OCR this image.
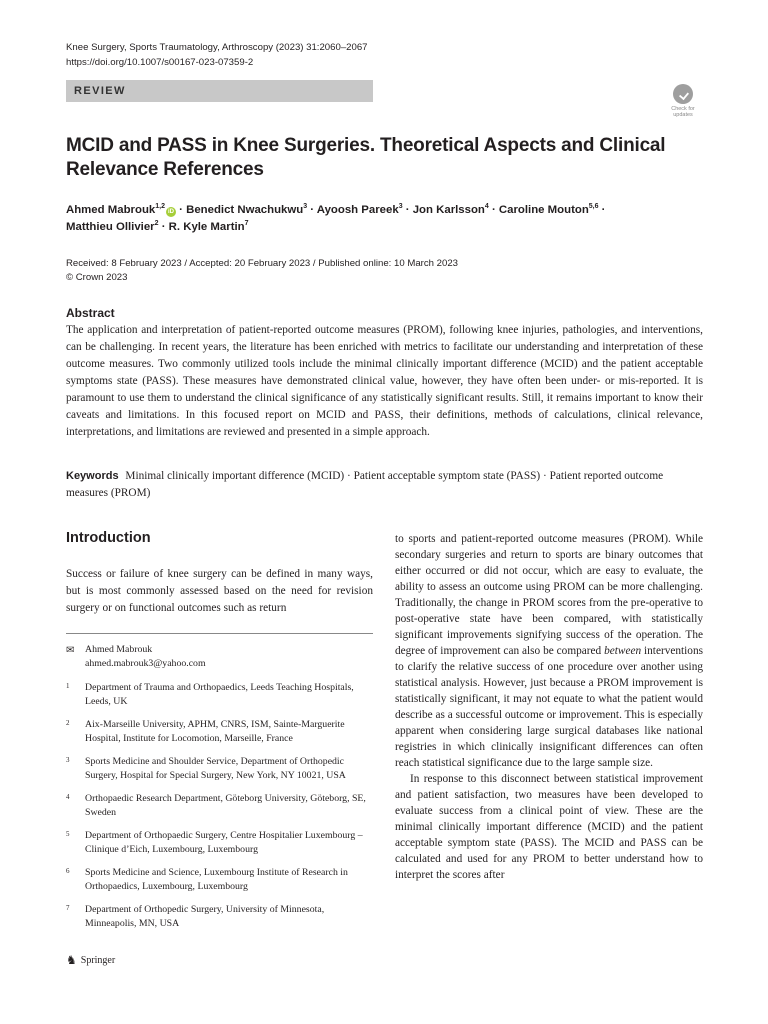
Knee Surgery, Sports Traumatology, Arthroscopy (2023) 31:2060–2067
https://doi.org/10.1007/s00167-023-07359-2
REVIEW
Check for updates
MCID and PASS in Knee Surgeries. Theoretical Aspects and Clinical Relevance References
Ahmed Mabrouk$^{1,2}$iD · Benedict Nwachukwu$^3$ · Ayoosh Pareek$^3$ · Jon Karlsson$^4$ · Caroline Mouton$^{5,6}$ ·
Matthieu Ollivier$^2$ · R. Kyle Martin$^7$
Received: 8 February 2023 / Accepted: 20 February 2023 / Published online: 10 March 2023
© Crown 2023
Abstract
The application and interpretation of patient-reported outcome measures (PROM), following knee injuries, pathologies, and interventions, can be challenging. In recent years, the literature has been enriched with metrics to facilitate our understanding and interpretation of these outcome measures. Two commonly utilized tools include the minimal clinically important difference (MCID) and the patient acceptable symptoms state (PASS). These measures have demonstrated clinical value, however, they have often been under- or mis-reported. It is paramount to use them to understand the clinical significance of any statistically significant results. Still, it remains important to know their caveats and limitations. In this focused report on MCID and PASS, their definitions, methods of calculations, clinical relevance, interpretations, and limitations are reviewed and presented in a simple approach.
Keywords Minimal clinically important difference (MCID) · Patient acceptable symptom state (PASS) · Patient reported outcome measures (PROM)
Introduction
Success or failure of knee surgery can be defined in many ways, but is most commonly assessed based on the need for revision surgery or on functional outcomes such as return
✉ Ahmed Mabrouk
ahmed.mabrouk3@yahoo.com
1	Department of Trauma and Orthopaedics, Leeds Teaching Hospitals, Leeds, UK
2	Aix-Marseille University, APHM, CNRS, ISM, Sainte-Marguerite Hospital, Institute for Locomotion, Marseille, France
3	Sports Medicine and Shoulder Service, Department of Orthopedic Surgery, Hospital for Special Surgery, New York, NY 10021, USA
4	Orthopaedic Research Department, Göteborg University, Göteborg, SE, Sweden
5	Department of Orthopaedic Surgery, Centre Hospitalier Luxembourg – Clinique d’Eich, Luxembourg, Luxembourg
6	Sports Medicine and Science, Luxembourg Institute of Research in Orthopaedics, Luxembourg, Luxembourg
7	Department of Orthopedic Surgery, University of Minnesota, Minneapolis, MN, USA

to sports and patient-reported outcome measures (PROM). While secondary surgeries and return to sports are binary outcomes that either occurred or did not occur, which are easy to evaluate, the ability to assess an outcome using PROM can be more challenging. Traditionally, the change in PROM scores from the pre-operative to post-operative state have been compared, with statistically significant improvements signifying success of the operation. The degree of improvement can also be compared between interventions to clarify the relative success of one procedure over another using statistical analysis. However, just because a PROM improvement is statistically significant, it may not equate to what the patient would describe as a successful outcome or improvement. This is especially apparent when considering large surgical databases like national registries in which clinically insignificant differences can often reach statistical significance due to the large sample size.

In response to this disconnect between statistical improvement and patient satisfaction, two measures have been developed to evaluate success from a clinical point of view. These are the minimal clinically important difference (MCID) and the patient acceptable symptom state (PASS). The MCID and PASS can be calculated and used for any PROM to better understand how to interpret the scores after

♞ Springer
